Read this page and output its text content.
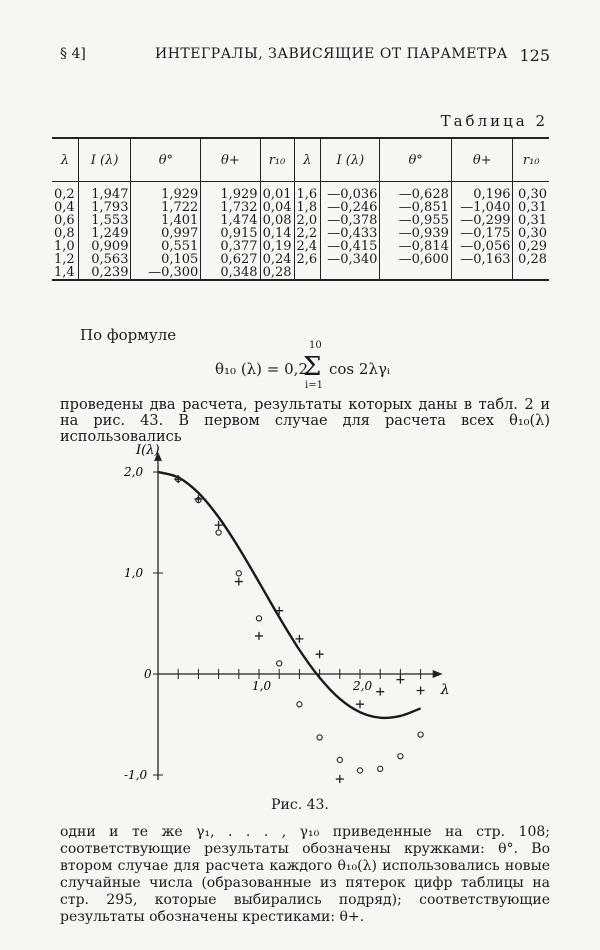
§ 4]	ИНТЕГРАЛЫ, ЗАВИСЯЩИЕ ОТ ПАРАМЕТРА 125
Таблица 2
λ	I (λ)	θ°	θ+	r₁₀	λ	I (λ)	θ°	θ+	r₁₀
0,2	1,947	1,929	1,929	0,01	1,6	—0,036	—0,628	0,196	0,30
0,4	1,793	1,722	1,732	0,04	1,8	—0,246	—0,851	—1,040	0,31
0,6	1,553	1,401	1,474	0,08	2,0	—0,378	—0,955	—0,299	0,31
0,8	1,249	0,997	0,915	0,14	2,2	—0,433	—0,939	—0,175	0,30
1,0	0,909	0,551	0,377	0,19	2,4	—0,415	—0,814	—0,056	0,29
1,2	0,563	0,105	0,627	0,24	2,6	—0,340	—0,600	—0,163	0,28
1,4	0,239	—0,300	0,348	0,28					
По формуле
θ₁₀ (λ) = 0,2
10
Σ
i=1
cos 2λγᵢ
проведены два расчета, результаты которых даны в табл. 2 и на рис. 43. В первом случае для расчета всех θ₁₀(λ) использовались
I(λ)
λ
1,0	2,0
2,0
1,0
0
-1,0
Рис. 43.
одни и те же γ₁, . . . , γ₁₀ приведенные на стр. 108; соответствующие результаты обозначены кружками: θ°. Во втором случае для расчета каждого θ₁₀(λ) использовались новые случайные числа (образованные из пятерок цифр таблицы на стр. 295, которые выбирались подряд); соответствующие результаты обозначены крестиками: θ+.
